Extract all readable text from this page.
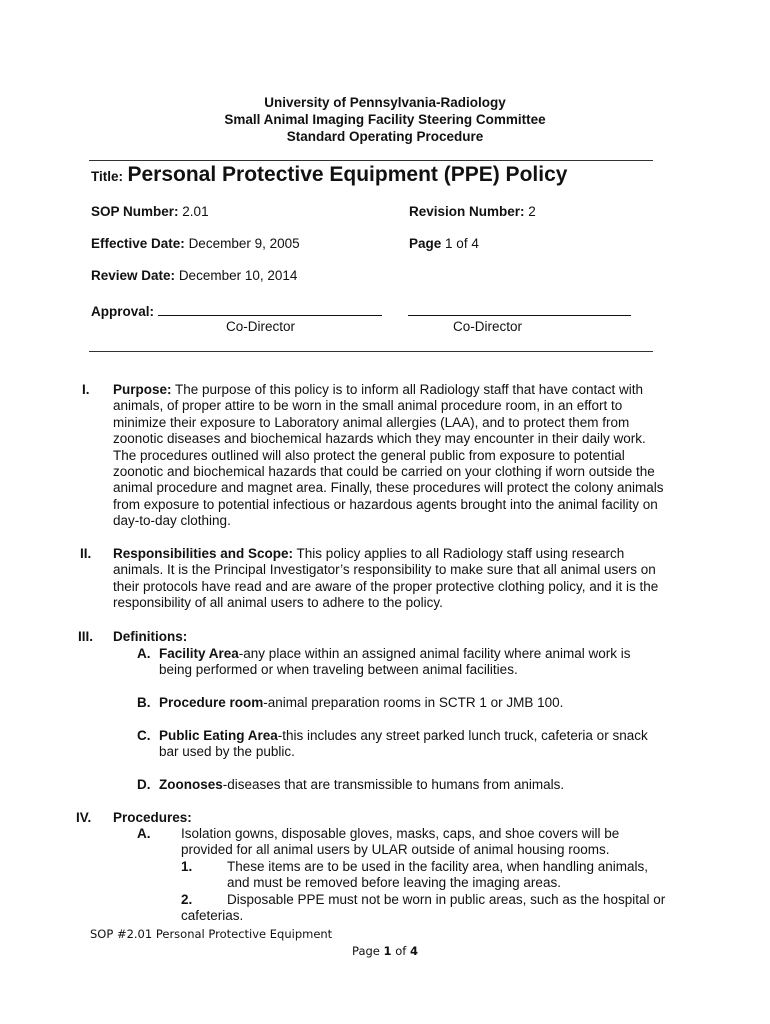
University of Pennsylvania-Radiology
Small Animal Imaging Facility Steering Committee
Standard Operating Procedure
Title: Personal Protective Equipment (PPE) Policy
SOP Number: 2.01	Revision Number: 2
Effective Date: December 9, 2005	Page 1 of 4
Review Date: December 10, 2014
Approval:
Co-Director	Co-Director
I. Purpose: The purpose of this policy is to inform all Radiology staff that have contact with
animals, of proper attire to be worn in the small animal procedure room, in an effort to
minimize their exposure to Laboratory animal allergies (LAA), and to protect them from
zoonotic diseases and biochemical hazards which they may encounter in their daily work.
The procedures outlined will also protect the general public from exposure to potential
zoonotic and biochemical hazards that could be carried on your clothing if worn outside the
animal procedure and magnet area. Finally, these procedures will protect the colony animals
from exposure to potential infectious or hazardous agents brought into the animal facility on
day-to-day clothing.
II. Responsibilities and Scope: This policy applies to all Radiology staff using research
animals. It is the Principal Investigator’s responsibility to make sure that all animal users on
their protocols have read and are aware of the proper protective clothing policy, and it is the
responsibility of all animal users to adhere to the policy.
III. Definitions:
A. Facility Area-any place within an assigned animal facility where animal work is
being performed or when traveling between animal facilities.
B. Procedure room-animal preparation rooms in SCTR 1 or JMB 100.
C. Public Eating Area-this includes any street parked lunch truck, cafeteria or snack
bar used by the public.
D. Zoonoses-diseases that are transmissible to humans from animals.
IV. Procedures:
A. Isolation gowns, disposable gloves, masks, caps, and shoe covers will be
provided for all animal users by ULAR outside of animal housing rooms.
1.	These items are to be used in the facility area, when handling animals,
and must be removed before leaving the imaging areas.
2.	Disposable PPE must not be worn in public areas, such as the hospital or
cafeterias.
SOP #2.01 Personal Protective Equipment
Page 1 of 4
